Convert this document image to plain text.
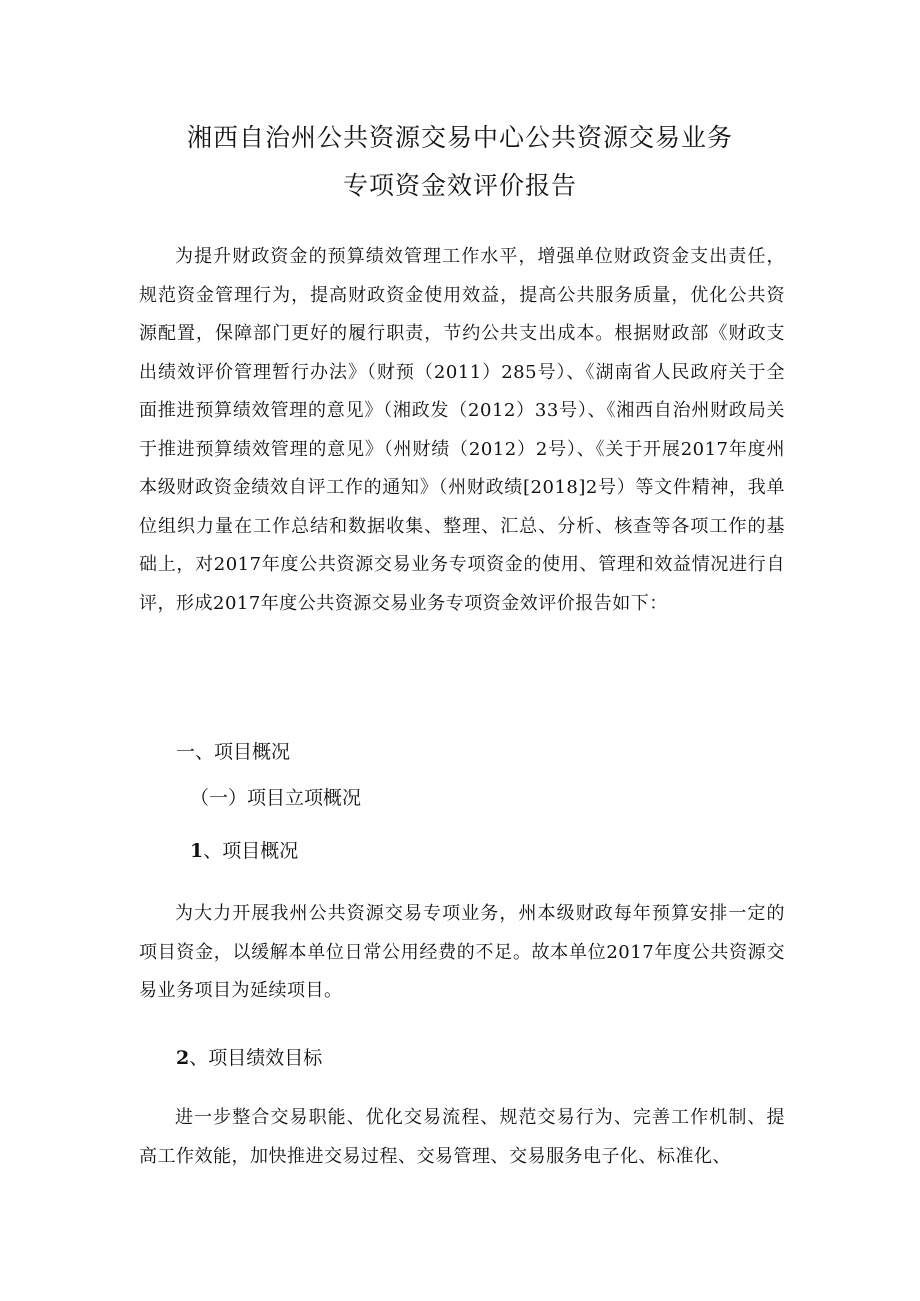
湘西自治州公共资源交易中心公共资源交易业务
专项资金效评价报告
为提升财政资金的预算绩效管理工作水平，增强单位财政资金支出责任，规范资金管理行为，提高财政资金使用效益，提高公共服务质量，优化公共资源配置，保障部门更好的履行职责，节约公共支出成本。根据财政部《财政支出绩效评价管理暂行办法》（财预（2011）285号）、《湖南省人民政府关于全面推进预算绩效管理的意见》（湘政发（2012）33号）、《湘西自治州财政局关于推进预算绩效管理的意见》（州财绩（2012）2号）、《关于开展2017年度州本级财政资金绩效自评工作的通知》（州财政绩[2018]2号）等文件精神，我单位组织力量在工作总结和数据收集、整理、汇总、分析、核查等各项工作的基础上，对2017年度公共资源交易业务专项资金的使用、管理和效益情况进行自评，形成2017年度公共资源交易业务专项资金效评价报告如下：
一、项目概况
（一）项目立项概况
1、项目概况
为大力开展我州公共资源交易专项业务，州本级财政每年预算安排一定的项目资金，以缓解本单位日常公用经费的不足。故本单位2017年度公共资源交易业务项目为延续项目。
2、项目绩效目标
进一步整合交易职能、优化交易流程、规范交易行为、完善工作机制、提高工作效能，加快推进交易过程、交易管理、交易服务电子化、标准化、
